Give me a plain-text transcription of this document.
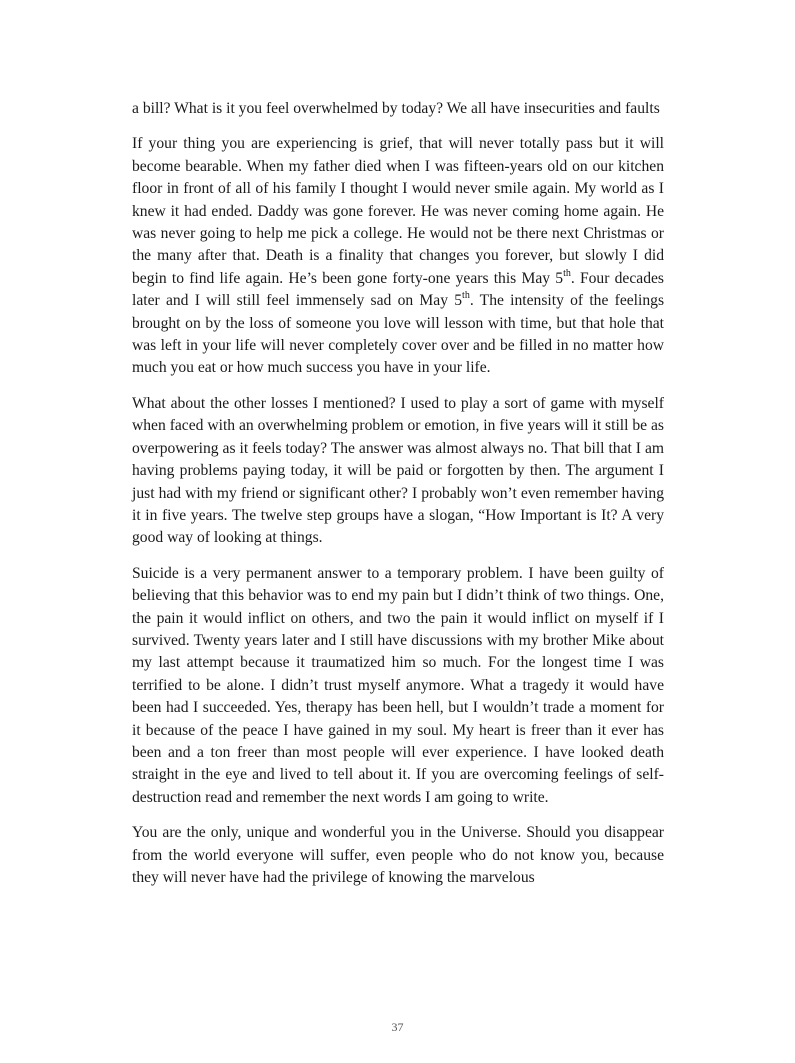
a bill? What is it you feel overwhelmed by today? We all have insecurities and faults

If your thing you are experiencing is grief, that will never totally pass but it will become bearable. When my father died when I was fifteen-years old on our kitchen floor in front of all of his family I thought I would never smile again. My world as I knew it had ended. Daddy was gone forever. He was never coming home again. He was never going to help me pick a college. He would not be there next Christmas or the many after that. Death is a finality that changes you forever, but slowly I did begin to find life again. He’s been gone forty-one years this May 5th. Four decades later and I will still feel immensely sad on May 5th. The intensity of the feelings brought on by the loss of someone you love will lesson with time, but that hole that was left in your life will never completely cover over and be filled in no matter how much you eat or how much success you have in your life.

What about the other losses I mentioned? I used to play a sort of game with myself when faced with an overwhelming problem or emotion, in five years will it still be as overpowering as it feels today? The answer was almost always no. That bill that I am having problems paying today, it will be paid or forgotten by then. The argument I just had with my friend or significant other? I probably won’t even remember having it in five years. The twelve step groups have a slogan, “How Important is It? A very good way of looking at things.

Suicide is a very permanent answer to a temporary problem. I have been guilty of believing that this behavior was to end my pain but I didn’t think of two things. One, the pain it would inflict on others, and two the pain it would inflict on myself if I survived. Twenty years later and I still have discussions with my brother Mike about my last attempt because it traumatized him so much. For the longest time I was terrified to be alone. I didn’t trust myself anymore. What a tragedy it would have been had I succeeded. Yes, therapy has been hell, but I wouldn’t trade a moment for it because of the peace I have gained in my soul. My heart is freer than it ever has been and a ton freer than most people will ever experience. I have looked death straight in the eye and lived to tell about it. If you are overcoming feelings of self-destruction read and remember the next words I am going to write.

You are the only, unique and wonderful you in the Universe. Should you disappear from the world everyone will suffer, even people who do not know you, because they will never have had the privilege of knowing the marvelous

37
